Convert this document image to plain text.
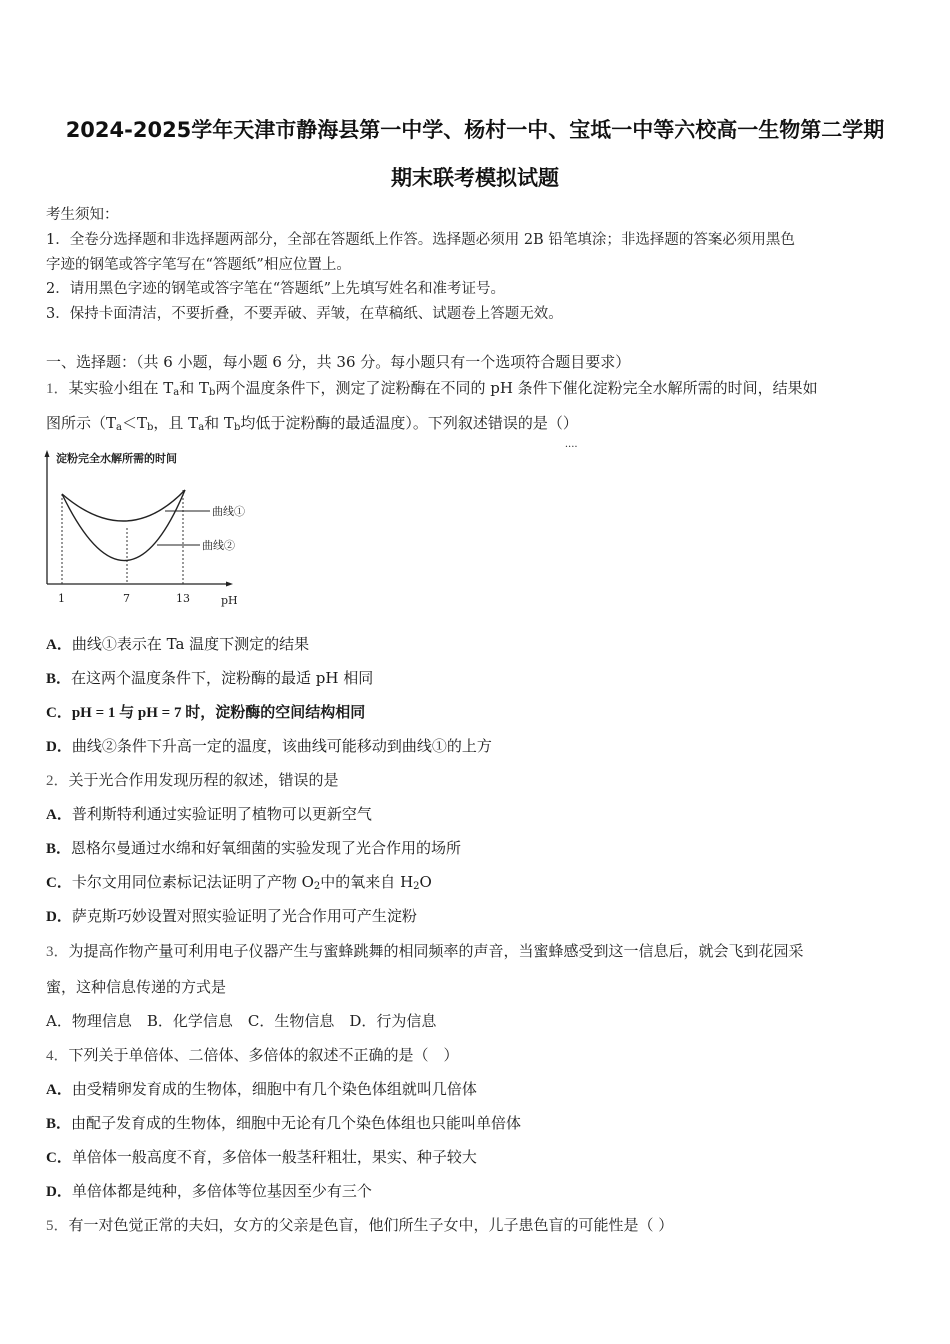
2024-2025学年天津市静海县第一中学、杨村一中、宝坻一中等六校高一生物第二学期
期末联考模拟试题
考生须知：
1．全卷分选择题和非选择题两部分，全部在答题纸上作答。选择题必须用 2B 铅笔填涂；非选择题的答案必须用黑色
字迹的钢笔或答字笔写在“答题纸”相应位置上。
2．请用黑色字迹的钢笔或答字笔在“答题纸”上先填写姓名和准考证号。
3．保持卡面清洁，不要折叠，不要弄破、弄皱，在草稿纸、试题卷上答题无效。
一、选择题：（共 6 小题，每小题 6 分，共 36 分。每小题只有一个选项符合题目要求）
1．某实验小组在 $T_a$和 $T_b$两个温度条件下，测定了淀粉酶在不同的 pH 条件下催化淀粉完全水解所需的时间，结果如
图所示（$T_a<T_b$，且 $T_a$和 $T_b$均低于淀粉酶的最适温度）。下列叙述错误的是（）
淀粉完全水解所需的时间
曲线①
曲线②
1	7	13	pH
A．曲线①表示在 Ta 温度下测定的结果
B．在这两个温度条件下，淀粉酶的最适 pH 相同
C．pH = 1 与 pH = 7 时，淀粉酶的空间结构相同
D．曲线②条件下升高一定的温度，该曲线可能移动到曲线①的上方
2．关于光合作用发现历程的叙述，错误的是
A．普利斯特利通过实验证明了植物可以更新空气
B．恩格尔曼通过水绵和好氧细菌的实验发现了光合作用的场所
C．卡尔文用同位素标记法证明了产物 $O_2$中的氧来自 $H_2O$
D．萨克斯巧妙设置对照实验证明了光合作用可产生淀粉
3．为提高作物产量可利用电子仪器产生与蜜蜂跳舞的相同频率的声音，当蜜蜂感受到这一信息后，就会飞到花园采
蜜，这种信息传递的方式是
A．物理信息　B．化学信息　C．生物信息　D．行为信息
4．下列关于单倍体、二倍体、多倍体的叙述不正确的是（　）
A．由受精卵发育成的生物体，细胞中有几个染色体组就叫几倍体
B．由配子发育成的生物体，细胞中无论有几个染色体组也只能叫单倍体
C．单倍体一般高度不育，多倍体一般茎秆粗壮，果实、种子较大
D．单倍体都是纯种，多倍体等位基因至少有三个
5．有一对色觉正常的夫妇，女方的父亲是色盲，他们所生子女中，儿子患色盲的可能性是（ ）
